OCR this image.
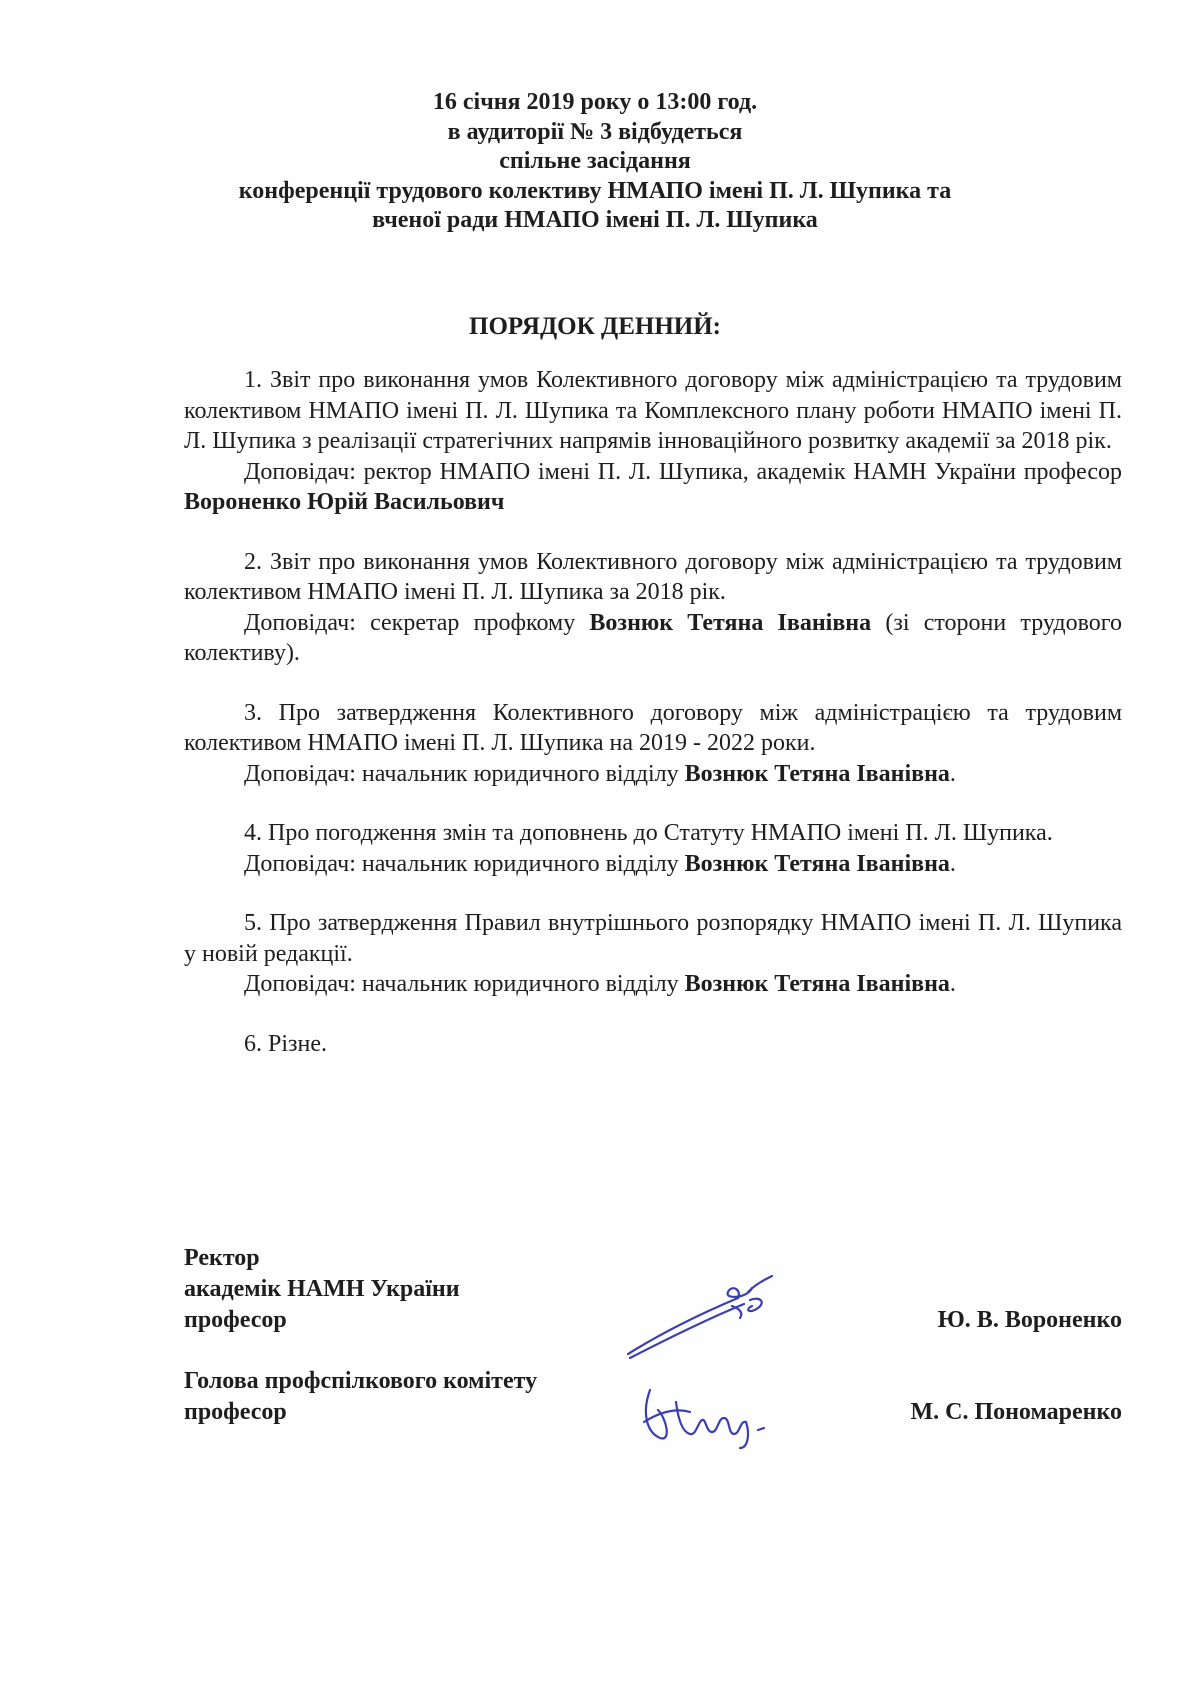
16 січня 2019 року о 13:00 год.
в аудиторії № 3 відбудеться
спільне засідання
конференції трудового колективу НМАПО імені П. Л. Шупика та
вченої ради НМАПО імені П. Л. Шупика
ПОРЯДОК ДЕННИЙ:

1. Звіт про виконання умов Колективного договору між адміністрацією та трудовим колективом НМАПО імені П. Л. Шупика та Комплексного плану роботи НМАПО імені П. Л. Шупика з реалізації стратегічних напрямів інноваційного розвитку академії за 2018 рік.

Доповідач: ректор НМАПО імені П. Л. Шупика, академік НАМН України професор Вороненко Юрій Васильович

2. Звіт про виконання умов Колективного договору між адміністрацією та трудовим колективом НМАПО імені П. Л. Шупика за 2018 рік.

Доповідач: секретар профкому Вознюк Тетяна Іванівна (зі сторони трудового колективу).

3. Про затвердження Колективного договору між адміністрацією та трудовим колективом НМАПО імені П. Л. Шупика на 2019 - 2022 роки.

Доповідач: начальник юридичного відділу Вознюк Тетяна Іванівна.

4. Про погодження змін та доповнень до Статуту НМАПО імені П. Л. Шупика.

Доповідач: начальник юридичного відділу Вознюк Тетяна Іванівна.

5. Про затвердження Правил внутрішнього розпорядку НМАПО імені П. Л. Шупика у новій редакції.

Доповідач: начальник юридичного відділу Вознюк Тетяна Іванівна.

6. Різне.

Ректор
академік НАМН України
професор	Ю. В. Вороненко
Голова профспілкового комітету
професор	М. С. Пономаренко
